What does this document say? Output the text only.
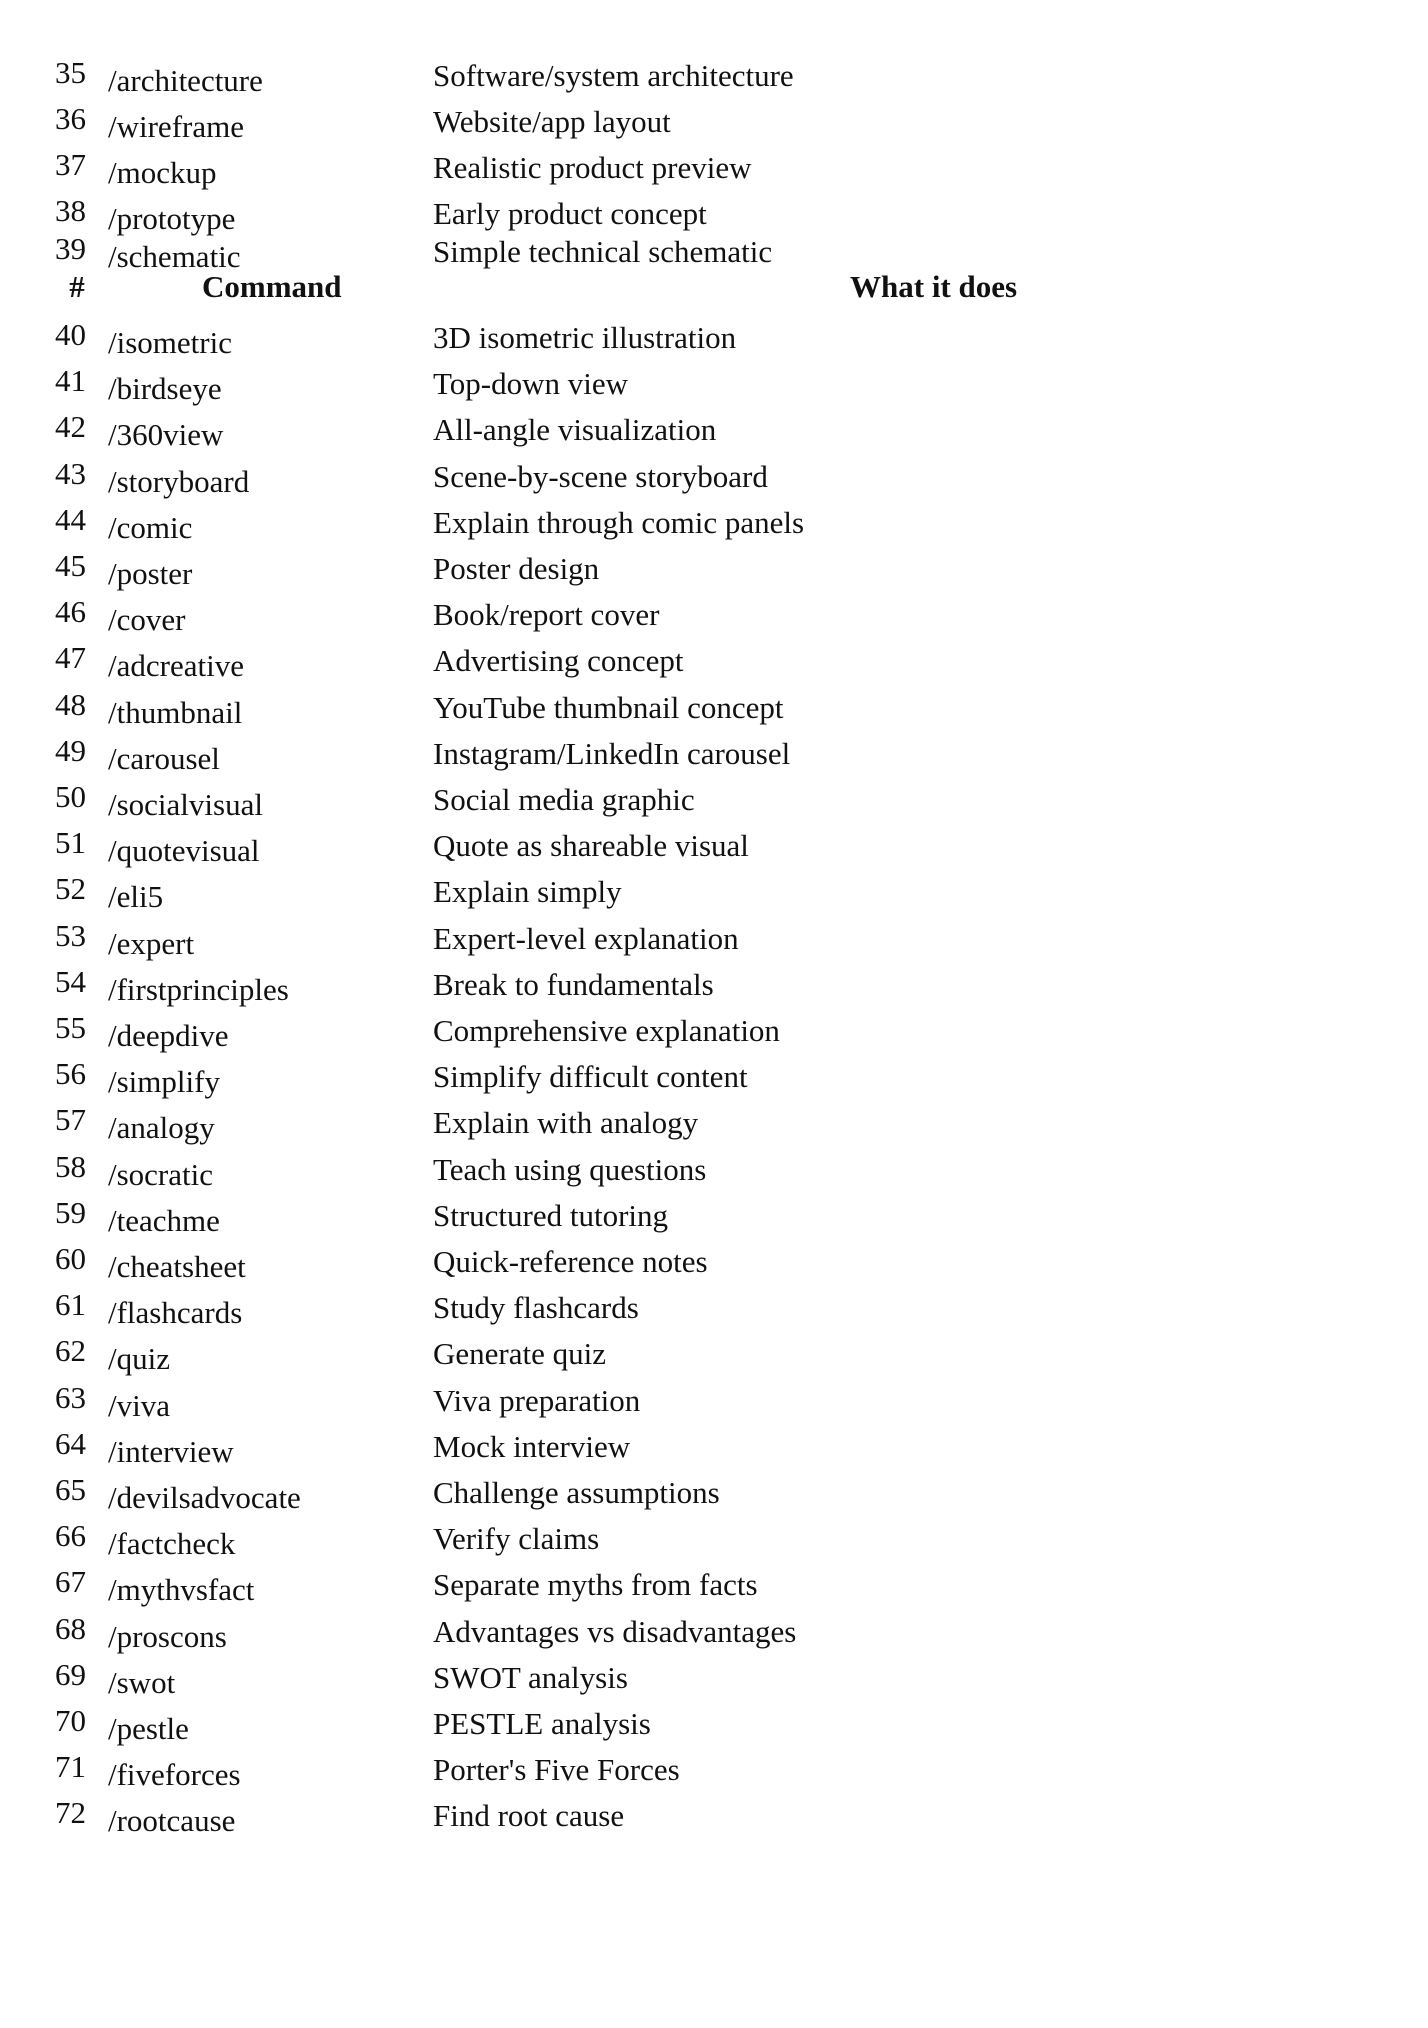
35 /architecture	Software/system architecture
36 /wireframe	Website/app layout
37 /mockup	Realistic product preview
38 /prototype	Early product concept
39 /schematic	Simple technical schematic
#	Command	What it does
40 /isometric	3D isometric illustration
41 /birdseye	Top-down view
42 /360view	All-angle visualization
43 /storyboard	Scene-by-scene storyboard
44 /comic	Explain through comic panels
45 /poster	Poster design
46 /cover	Book/report cover
47 /adcreative	Advertising concept
48 /thumbnail	YouTube thumbnail concept
49 /carousel	Instagram/LinkedIn carousel
50 /socialvisual	Social media graphic
51 /quotevisual	Quote as shareable visual
52 /eli5	Explain simply
53 /expert	Expert-level explanation
54 /firstprinciples	Break to fundamentals
55 /deepdive	Comprehensive explanation
56 /simplify	Simplify difficult content
57 /analogy	Explain with analogy
58 /socratic	Teach using questions
59 /teachme	Structured tutoring
60 /cheatsheet	Quick-reference notes
61 /flashcards	Study flashcards
62 /quiz	Generate quiz
63 /viva	Viva preparation
64 /interview	Mock interview
65 /devilsadvocate	Challenge assumptions
66 /factcheck	Verify claims
67 /mythvsfact	Separate myths from facts
68 /proscons	Advantages vs disadvantages
69 /swot	SWOT analysis
70 /pestle	PESTLE analysis
71 /fiveforces	Porter's Five Forces
72 /rootcause	Find root cause
